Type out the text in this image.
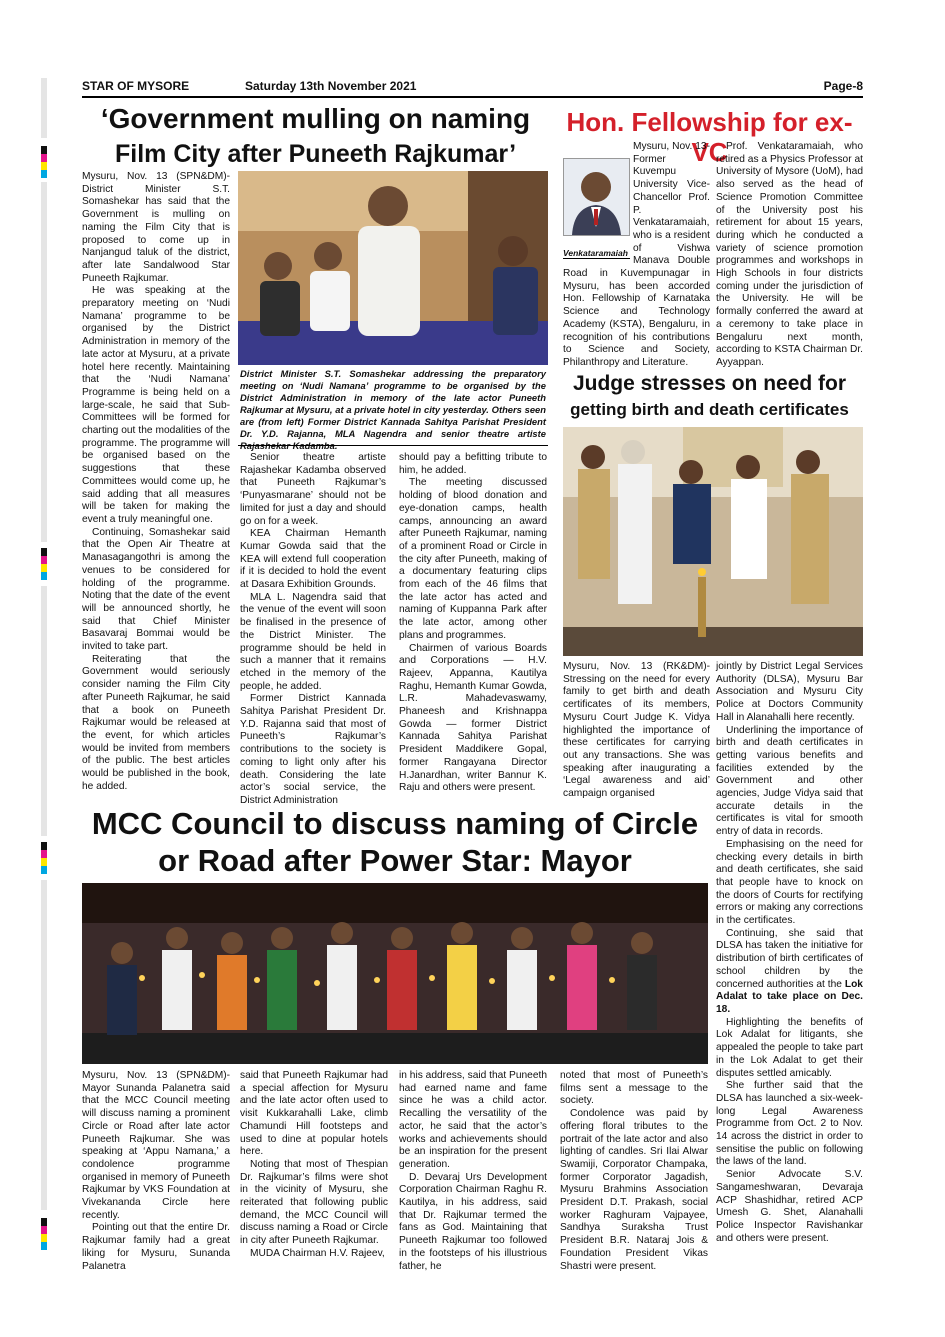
STAR OF MYSORE	Saturday 13th November 2021	Page-8
‘Government mulling on naming
Film City after Puneeth Rajkumar’

Mysuru, Nov. 13 (SPN&DM)- District Minister S.T. Somashekar has said that the Government is mulling on naming the Film City that is proposed to come up in Nanjangud taluk of the district, after late Sandalwood Star Puneeth Rajkumar.

He was speaking at the preparatory meeting on ‘Nudi Namana’ programme to be organised by the District Administration in memory of the late actor at Mysuru, at a private hotel here recently. Maintaining that the ‘Nudi Namana’ Programme is being held on a large-scale, he said that Sub-Committees will be formed for charting out the modalities of the programme. The programme will be organised based on the suggestions that these Committees would come up, he said adding that all measures will be taken for making the event a truly meaningful one.

Continuing, Somashekar said that the Open Air Theatre at Manasagangothri is among the venues to be considered for holding of the programme. Noting that the date of the event will be announced shortly, he said that Chief Minister Basavaraj Bommai would be invited to take part.

Reiterating that the Government would seriously consider naming the Film City after Puneeth Rajkumar, he said that a book on Puneeth Rajkumar would be released at the event, for which articles would be invited from members of the public. The best articles would be published in the book, he added.

District Minister S.T. Somashekar addressing the preparatory meeting on ‘Nudi Namana’ programme to be organised by the District Administration in memory of the late actor Puneeth Rajkumar at Mysuru, at a private hotel in city yesterday. Others seen are (from left) Former District Kannada Sahitya Parishat President Dr. Y.D. Rajanna, MLA Nagendra and senior theatre artiste

Senior theatre artiste Rajashekar Kadamba observed that Puneeth Rajkumar’s ‘Punyasmarane’ should not be limited for just a day and should go on for a week.

KEA Chairman Hemanth Kumar Gowda said that the KEA will extend full cooperation if it is decided to hold the event at Dasara Exhibition Grounds.

MLA L. Nagendra said that the venue of the event will soon be finalised in the presence of the District Minister. The programme should be held in such a manner that it remains etched in the memory of the people, he added.

Former District Kannada Sahitya Parishat President Dr. Y.D. Rajanna said that most of Puneeth’s Rajkumar’s contributions to the society is coming to light only after his death. Considering the late actor’s social service, the District Administration

should pay a befitting tribute to him, he added.

The meeting discussed holding of blood donation and eye-donation camps, health camps, announcing an award after Puneeth Rajkumar, naming of a prominent Road or Circle in the city after Puneeth, making of a documentary featuring clips from each of the 46 films that the late actor has acted and naming of Kuppanna Park after the late actor, among other plans and programmes.

Chairmen of various Boards and Corporations — H.V. Rajeev, Appanna, Kautilya Raghu, Hemanth Kumar Gowda, L.R. Mahadevaswamy, Phaneesh and Krishnappa Gowda — former District Kannada Sahitya Parishat President Maddikere Gopal, former Rangayana Director H.Janardhan, writer Bannur K. Raju and others were present.

Hon. Fellowship for ex-VC
Venkataramaiah

Mysuru, Nov. 13- Former Kuvempu University Vice-Chancellor Prof. P. Venkataramaiah, who is a resident of Vishwa Manava Double Road in Kuvempunagar in Mysuru, has been accorded Hon. Fellowship of Karnataka Science and Technology Academy (KSTA), Bengaluru, in recognition of his contributions to Science and Society, Philanthropy and Literature.

Prof. Venkataramaiah, who retired as a Physics Professor at University of Mysore (UoM), had also served as the head of Science Promotion Committee of the University post his retirement for about 15 years, during which he conducted a variety of science promotion programmes and workshops in High Schools in four districts coming under the jurisdiction of the University. He will be formally conferred the award at a ceremony to take place in Bengaluru next month, according to KSTA Chairman Dr. Ayyappan.

Judge stresses on need for
getting birth and death certificates

Mysuru, Nov. 13 (RK&DM)- Stressing on the need for every family to get birth and death certificates of its members, Mysuru Court Judge K. Vidya highlighted the importance of these certificates for carrying out any transactions. She was speaking after inaugurating a ‘Legal awareness and aid’ campaign organised

jointly by District Legal Services Authority (DLSA), Mysuru Bar Association and Mysuru City Police at Doctors Community Hall in Alanahalli here recently.

Underlining the importance of birth and death certificates in getting various benefits and facilities extended by the Government and other agencies, Judge Vidya said that accurate details in the certificates is vital for smooth entry of data in records.

Emphasising on the need for checking every details in birth and death certificates, she said that people have to knock on the doors of Courts for rectifying errors or making any corrections in the certificates.

Continuing, she said that DLSA has taken the initiative for distribution of birth certificates of school children by the concerned authorities at the Lok Adalat to take place on Dec. 18.

Highlighting the benefits of Lok Adalat for litigants, she appealed the people to take part in the Lok Adalat to get their disputes settled amicably.

She further said that the DLSA has launched a six-week-long Legal Awareness Programme from Oct. 2 to Nov. 14 across the district in order to sensitise the public on following the laws of the land.

Senior Advocate S.V. Sangameshwaran, Devaraja ACP Shashidhar, retired ACP Umesh G. Shet, Alanahalli Police Inspector Ravishankar and others were present.

MCC Council to discuss naming of Circle
or Road after Power Star: Mayor

Mysuru, Nov. 13 (SPN&DM)- Mayor Sunanda Palanetra said that the MCC Council meeting will discuss naming a prominent Circle or Road after late actor Puneeth Rajkumar. She was speaking at ‘Appu Namana,’ a condolence programme organised in memory of Puneeth Rajkumar by VKS Foundation at Vivekananda Circle here recently.

Pointing out that the entire Dr. Rajkumar family had a great liking for Mysuru, Sunanda Palanetra

said that Puneeth Rajkumar had a special affection for Mysuru and the late actor often used to visit Kukkarahalli Lake, climb Chamundi Hill footsteps and used to dine at popular hotels here.

Noting that most of Thespian Dr. Rajkumar’s films were shot in the vicinity of Mysuru, she reiterated that following public demand, the MCC Council will discuss naming a Road or Circle in city after Puneeth Rajkumar.

MUDA Chairman H.V. Rajeev,

in his address, said that Puneeth had earned name and fame since he was a child actor. Recalling the versatility of the actor, he said that the actor’s works and achievements should be an inspiration for the present generation.

D. Devaraj Urs Development Corporation Chairman Raghu R. Kautilya, in his address, said that Dr. Rajkumar termed the fans as God. Maintaining that Puneeth Rajkumar too followed in the footsteps of his illustrious father, he

noted that most of Puneeth’s films sent a message to the society.

Condolence was paid by offering floral tributes to the portrait of the late actor and also lighting of candles. Sri Ilai Alwar Swamiji, Corporator Champaka, former Corporator Jagadish, Mysuru Brahmins Association President D.T. Prakash, social worker Raghuram Vajpayee, Sandhya Suraksha Trust President B.R. Nataraj Jois & Foundation President Vikas Shastri were present.
